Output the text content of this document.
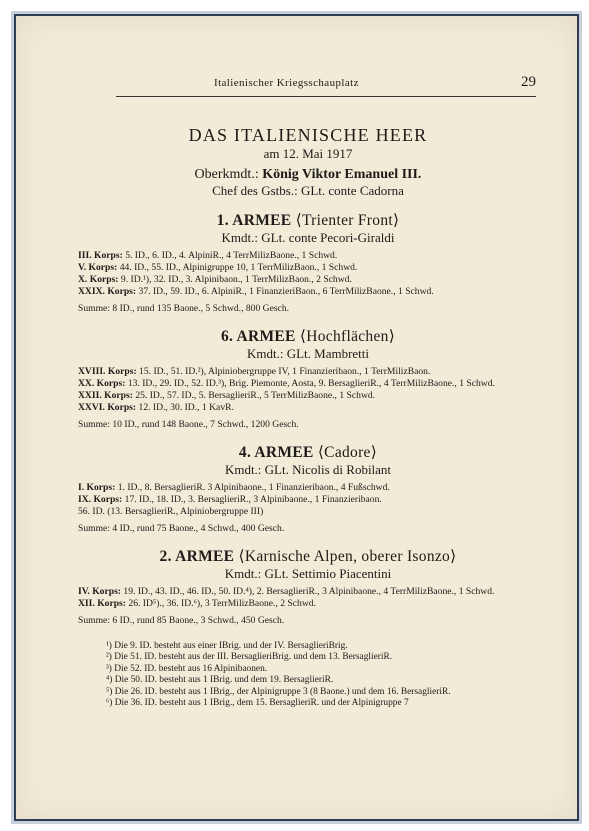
Italienischer Kriegsschauplatz	29

DAS ITALIENISCHE HEER

am 12. Mai 1917

Oberkmdt.: König Viktor Emanuel III.

Chef des Gstbs.: GLt. conte Cadorna

1. ARMEE ⟨Trienter Front⟩

Kmdt.: GLt. conte Pecori-Giraldi

III. Korps: 5. ID., 6. ID., 4. AlpiniR., 4 TerrMilizBaone., 1 Schwd.

V. Korps: 44. ID., 55. ID., Alpinigruppe 10, 1 TerrMilizBaon., 1 Schwd.

X. Korps: 9. ID.¹), 32. ID., 3. Alpinibaon., 1 TerrMilizBaon., 2 Schwd.

XXIX. Korps: 37. ID., 59. ID., 6. AlpiniR., 1 FinanzieriBaon., 6 TerrMilizBaone., 1 Schwd.

Summe: 8 ID., rund 135 Baone., 5 Schwd., 800 Gesch.

6. ARMEE ⟨Hochflächen⟩

Kmdt.: GLt. Mambretti

XVIII. Korps: 15. ID., 51. ID.²), Alpiniobergruppe IV, 1 Finanzieribaon., 1 TerrMilizBaon.

XX. Korps: 13. ID., 29. ID., 52. ID.³), Brig. Piemonte, Aosta, 9. BersaglieriR., 4 TerrMilizBaone., 1 Schwd.

XXII. Korps: 25. ID., 57. ID., 5. BersaglieriR., 5 TerrMilizBaone., 1 Schwd.

XXVI. Korps: 12. ID., 30. ID., 1 KavR.

Summe: 10 ID., rund 148 Baone., 7 Schwd., 1200 Gesch.

4. ARMEE ⟨Cadore⟩

Kmdt.: GLt. Nicolis di Robilant

I. Korps: 1. ID., 8. BersaglieriR. 3 Alpinibaone., 1 Finanzieribaon., 4 Fußschwd.

IX. Korps: 17. ID., 18. ID., 3. BersaglieriR., 3 Alpinibaone., 1 Finanzieribaon.

56. ID. (13. BersaglieriR., Alpiniobergruppe III)

Summe: 4 ID., rund 75 Baone., 4 Schwd., 400 Gesch.

2. ARMEE ⟨Karnische Alpen, oberer Isonzo⟩

Kmdt.: GLt. Settimio Piacentini

IV. Korps: 19. ID., 43. ID., 46. ID., 50. ID.⁴), 2. BersaglieriR., 3 Alpinibaone., 4 TerrMilizBaone., 1 Schwd.

XII. Korps: 26. ID⁵)., 36. ID.⁶), 3 TerrMilizBaone., 2 Schwd.

Summe: 6 ID., rund 85 Baone., 3 Schwd., 450 Gesch.

¹) Die 9. ID. besteht aus einer IBrig. und der IV. BersaglieriBrig.

²) Die 51. ID. besteht aus der III. BersaglieriBrig. und dem 13. BersaglieriR.

³) Die 52. ID. besteht aus 16 Alpinibaonen.

⁴) Die 50. ID. besteht aus 1 IBrig. und dem 19. BersaglieriR.

⁵) Die 26. ID. besteht aus 1 IBrig., der Alpinigruppe 3 (8 Baone.) und dem 16. BersaglieriR.

⁶) Die 36. ID. besteht aus 1 IBrig., dem 15. BersaglieriR. und der Alpinigruppe 7
